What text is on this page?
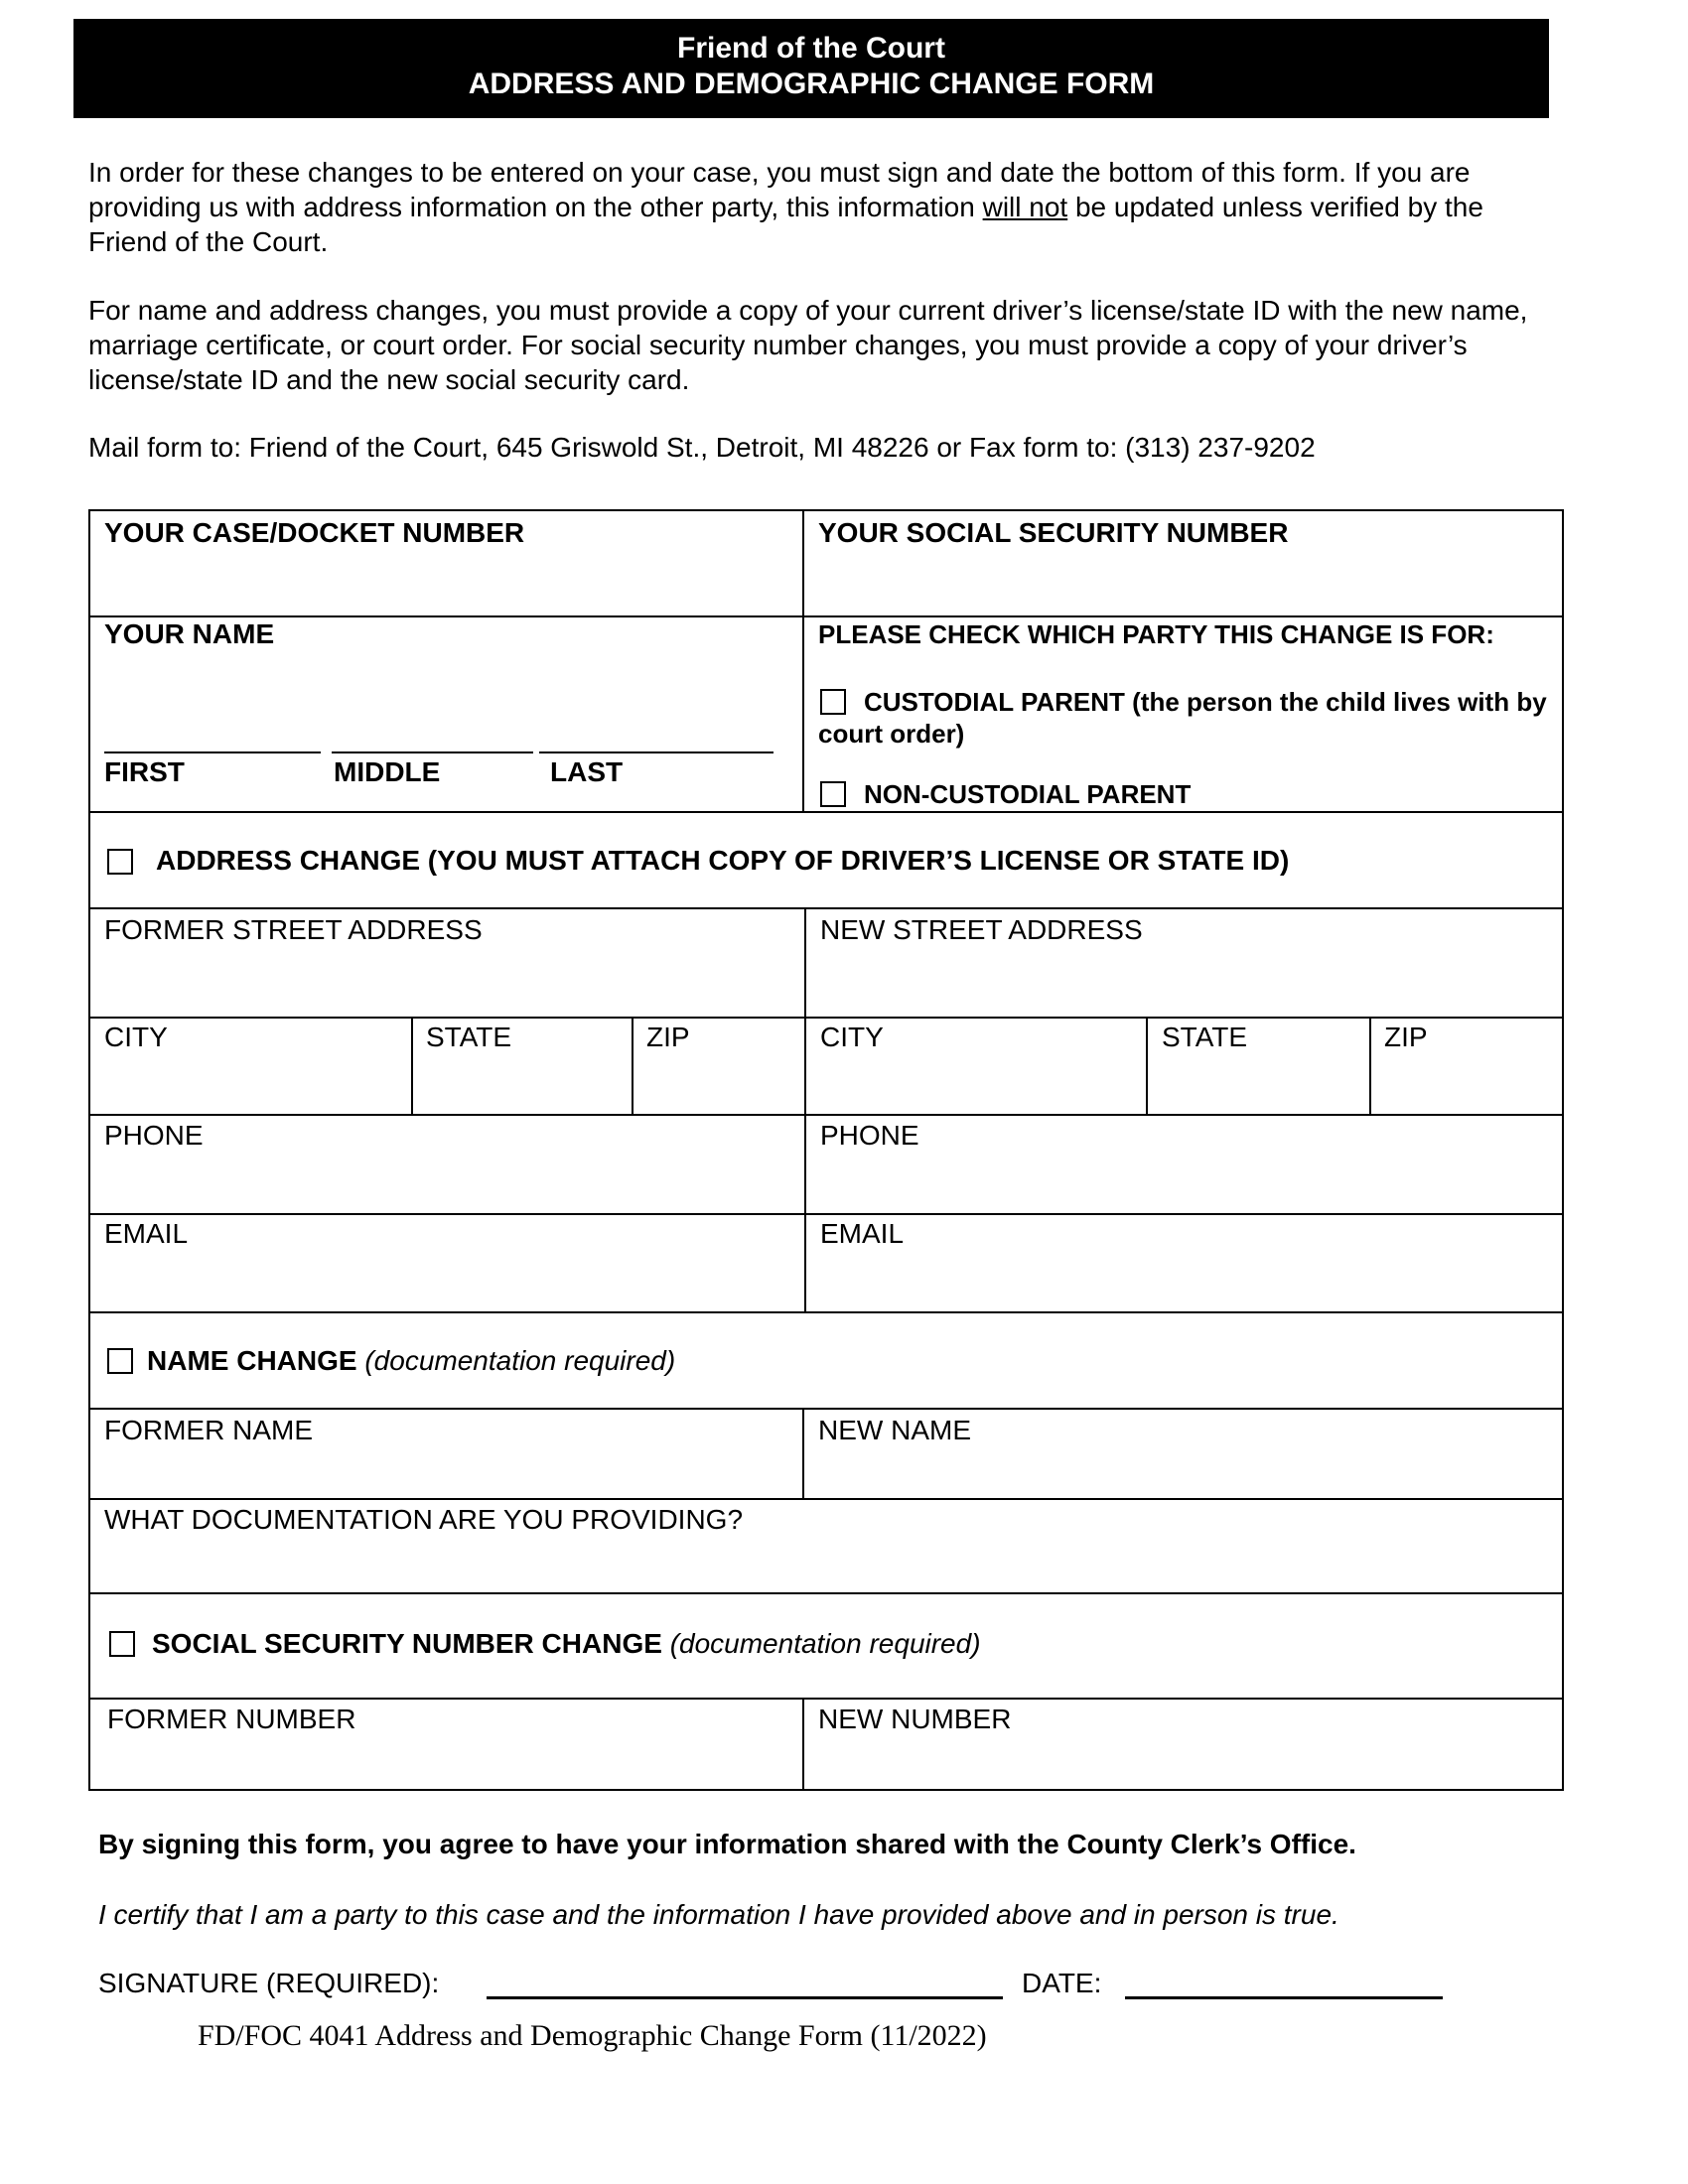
Friend of the Court
ADDRESS AND DEMOGRAPHIC CHANGE FORM
In order for these changes to be entered on your case, you must sign and date the bottom of this form. If you are providing us with address information on the other party, this information will not be updated unless verified by the Friend of the Court.
For name and address changes, you must provide a copy of your current driver’s license/state ID with the new name, marriage certificate, or court order. For social security number changes, you must provide a copy of your driver’s license/state ID and the new social security card.
Mail form to: Friend of the Court, 645 Griswold St., Detroit, MI 48226 or Fax form to: (313) 237-9202
YOUR CASE/DOCKET NUMBER	YOUR SOCIAL SECURITY NUMBER
YOUR NAME
FIRST	MIDDLE	LAST
PLEASE CHECK WHICH PARTY THIS CHANGE IS FOR:
CUSTODIAL PARENT (the person the child lives with by court order)
NON-CUSTODIAL PARENT
ADDRESS CHANGE (YOU MUST ATTACH COPY OF DRIVER’S LICENSE OR STATE ID)
FORMER STREET ADDRESS	NEW STREET ADDRESS
CITY	STATE	ZIP	CITY	STATE	ZIP
PHONE	PHONE
EMAIL	EMAIL
NAME CHANGE (documentation required)
FORMER NAME	NEW NAME
WHAT DOCUMENTATION ARE YOU PROVIDING?
SOCIAL SECURITY NUMBER CHANGE (documentation required)
FORMER NUMBER	NEW NUMBER
By signing this form, you agree to have your information shared with the County Clerk’s Office.
I certify that I am a party to this case and the information I have provided above and in person is true.
SIGNATURE (REQUIRED):	DATE:
FD/FOC 4041 Address and Demographic Change Form (11/2022)
